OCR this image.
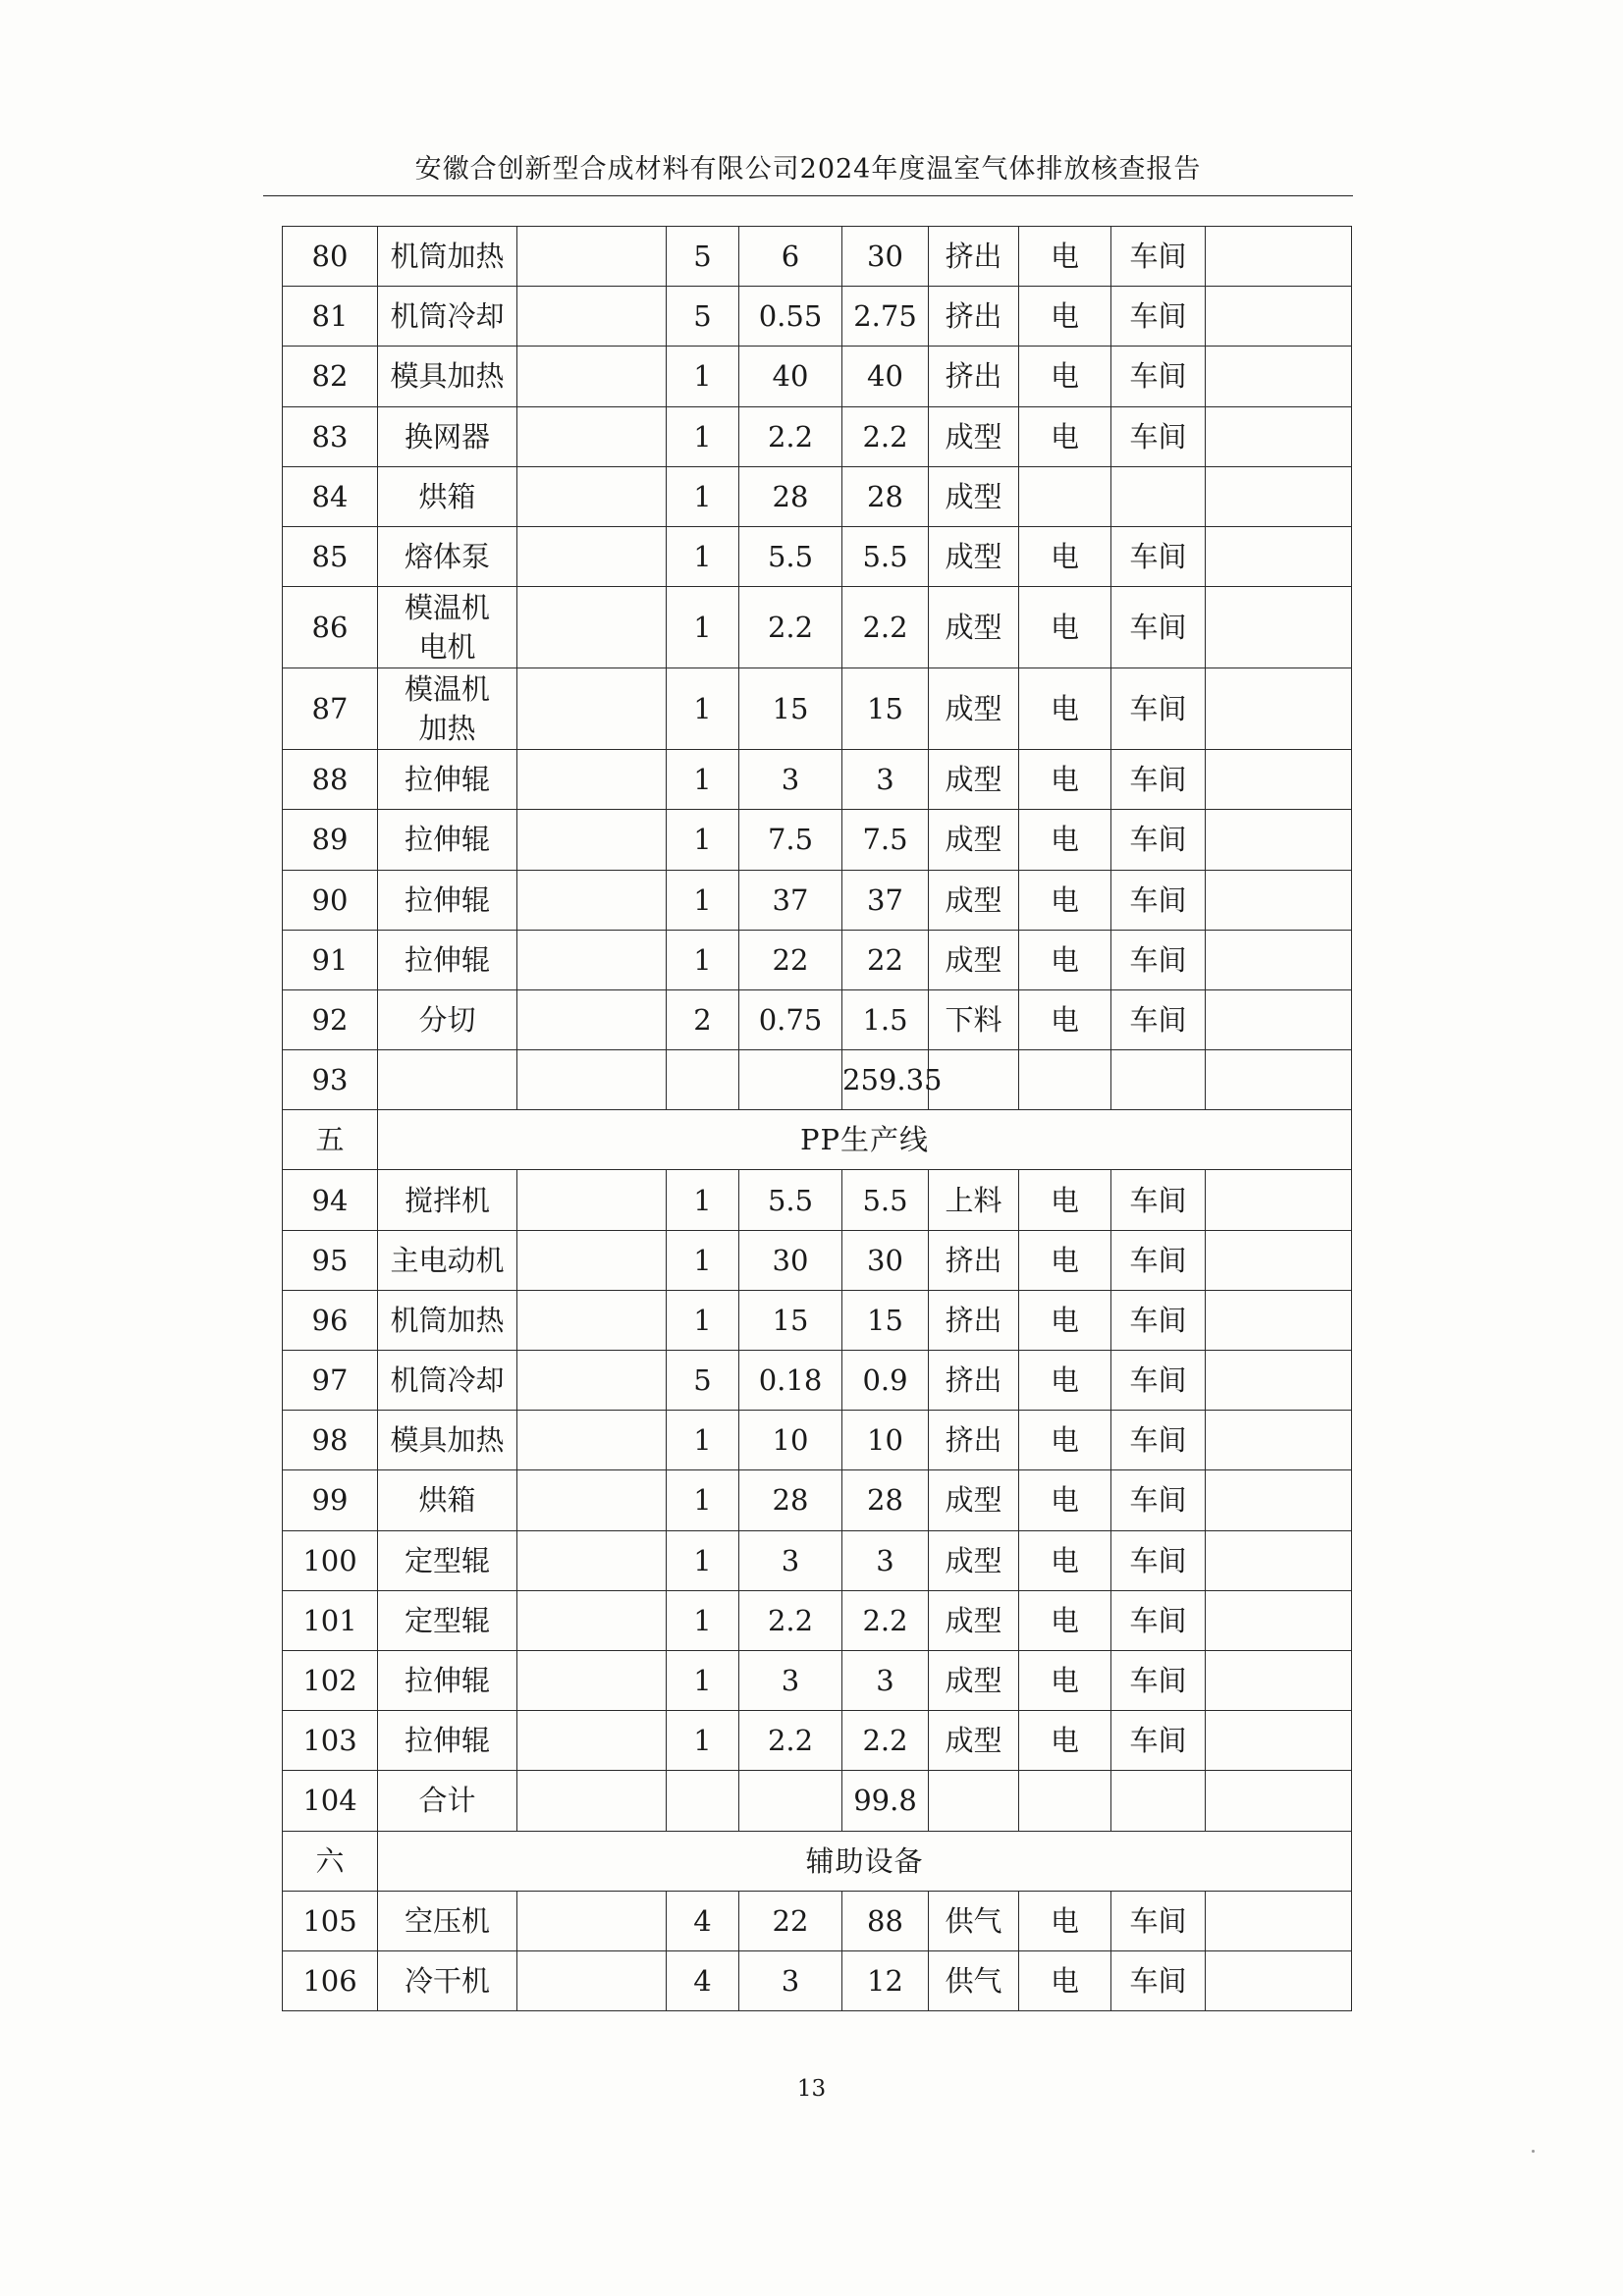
安徽合创新型合成材料有限公司2024年度温室气体排放核查报告
80	机筒加热		5	6	30	挤出	电	车间	
81	机筒冷却		5	0.55	2.75	挤出	电	车间	
82	模具加热		1	40	40	挤出	电	车间	
83	换网器		1	2.2	2.2	成型	电	车间	
84	烘箱		1	28	28	成型			
85	熔体泵		1	5.5	5.5	成型	电	车间	
86	模温机电机		1	2.2	2.2	成型	电	车间	
87	模温机加热		1	15	15	成型	电	车间	
88	拉伸辊		1	3	3	成型	电	车间	
89	拉伸辊		1	7.5	7.5	成型	电	车间	
90	拉伸辊		1	37	37	成型	电	车间	
91	拉伸辊		1	22	22	成型	电	车间	
92	分切		2	0.75	1.5	下料	电	车间	
93					259.35				
五	PP生产线								
94	搅拌机		1	5.5	5.5	上料	电	车间	
95	主电动机		1	30	30	挤出	电	车间	
96	机筒加热		1	15	15	挤出	电	车间	
97	机筒冷却		5	0.18	0.9	挤出	电	车间	
98	模具加热		1	10	10	挤出	电	车间	
99	烘箱		1	28	28	成型	电	车间	
100	定型辊		1	3	3	成型	电	车间	
101	定型辊		1	2.2	2.2	成型	电	车间	
102	拉伸辊		1	3	3	成型	电	车间	
103	拉伸辊		1	2.2	2.2	成型	电	车间	
104	合计				99.8				
六	辅助设备								
105	空压机		4	22	88	供气	电	车间	
106	冷干机		4	3	12	供气	电	车间	
13
